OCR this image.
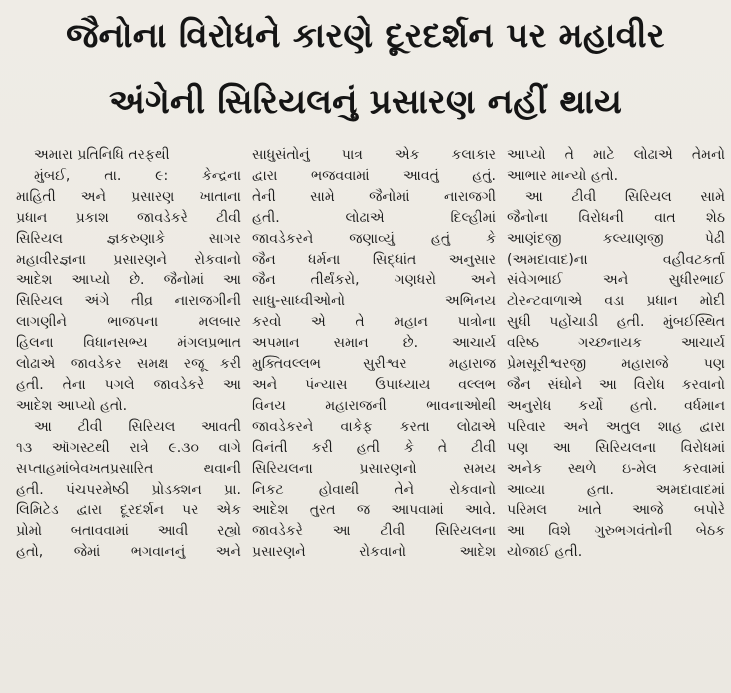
જૈનોના વિરોધને કારણે દૂરદર્શન પર મહાવીર
અંગેની સિરિયલનું પ્રસારણ નહીં થાય
અમારા પ્રતિનિધિ તરફથી
મુંબઈ, તા. ૯: કેન્દ્રના
માહિતી અને પ્રસારણ ખાતાના
પ્રધાન પ્રકાશ જાવડેકરે ટીવી
સિરિયલ જ્ઞકરુણાકે સાગર
મહાવીરજ્ઞના પ્રસારણને રોકવાનો
આદેશ આપ્યો છે. જૈનોમાં આ
સિરિયલ અંગે તીવ્ર નારાજગીની
લાગણીને ભાજપના મલબાર
હિલના વિધાનસભ્ય મંગલપ્રભાત
લોઢાએ જાવડેકર સમક્ષ રજૂ કરી
હતી. તેના પગલે જાવડેકરે આ
આદેશ આપ્યો હતો.
આ ટીવી સિરિયલ આવતી
૧૩ ઑગસ્ટથી રાત્રે ૯.૩૦ વાગે
સપ્તાહમાંબેવખતપ્રસારિત થવાની
હતી. પંચપરમેષ્ઠી પ્રોડક્શન પ્રા.
લિમિટેડ દ્વારા દૂરદર્શન પર એક
પ્રોમો બતાવવામાં આવી રહ્યો
હતો, જેમાં ભગવાનનું અને
સાધુસંતોનું પાત્ર એક કલાકાર
દ્વારા ભજવવામાં આવતું હતું.
તેની સામે જૈનોમાં નારાજગી
હતી. લોઢાએ દિલ્હીમાં
જાવડેકરને જણાવ્યું હતું કે
જૈન ધર્મના સિદ્ધાંત અનુસાર
જૈન તીર્થંકરો, ગણધરો અને
સાધુ-સાધ્વીઓનો અભિનય
કરવો એ તે મહાન પાત્રોના
અપમાન સમાન છે. આચાર્ય
મુક્તિવલ્લભ સુરીશ્વર મહારાજ
અને પંન્યાસ ઉપાધ્યાય વલ્લભ
વિનય મહારાજની ભાવનાઓથી
જાવડેકરને વાકેફ કરતા લોઢાએ
વિનંતી કરી હતી કે તે ટીવી
સિરિયલના પ્રસારણનો સમય
નિકટ હોવાથી તેને રોકવાનો
આદેશ તુરત જ આપવામાં આવે.
જાવડેકરે આ ટીવી સિરિયલના
પ્રસારણને રોકવાનો આદેશ
આપ્યો તે માટે લોઢાએ તેમનો
આભાર માન્યો હતો.
આ ટીવી સિરિયલ સામે
જૈનોના વિરોધની વાત શેઠ
આણંદજી કલ્યાણજી પેઢી
(અમદાવાદ)ના વહીવટકર્તા
સંવેગભાઈ અને સુધીરભાઈ
ટોરન્ટવાળાએ વડા પ્રધાન મોદી
સુધી પહોંચાડી હતી. મુંબઈસ્થિત
વરિષ્ઠ ગચ્છનાયક આચાર્ય
પ્રેમસૂરીશ્વરજી મહારાજે પણ
જૈન સંઘોને આ વિરોધ કરવાનો
અનુરોધ કર્યો હતો. વર્ધમાન
પરિવાર અને અતુલ શાહ દ્વારા
પણ આ સિરિયલના વિરોધમાં
અનેક સ્થળે ઇ-મેલ કરવામાં
આવ્યા હતા. અમદાવાદમાં
પરિમલ ખાતે આજે બપોરે
આ વિશે ગુરુભગવંતોની બેઠક
યોજાઈ હતી.
